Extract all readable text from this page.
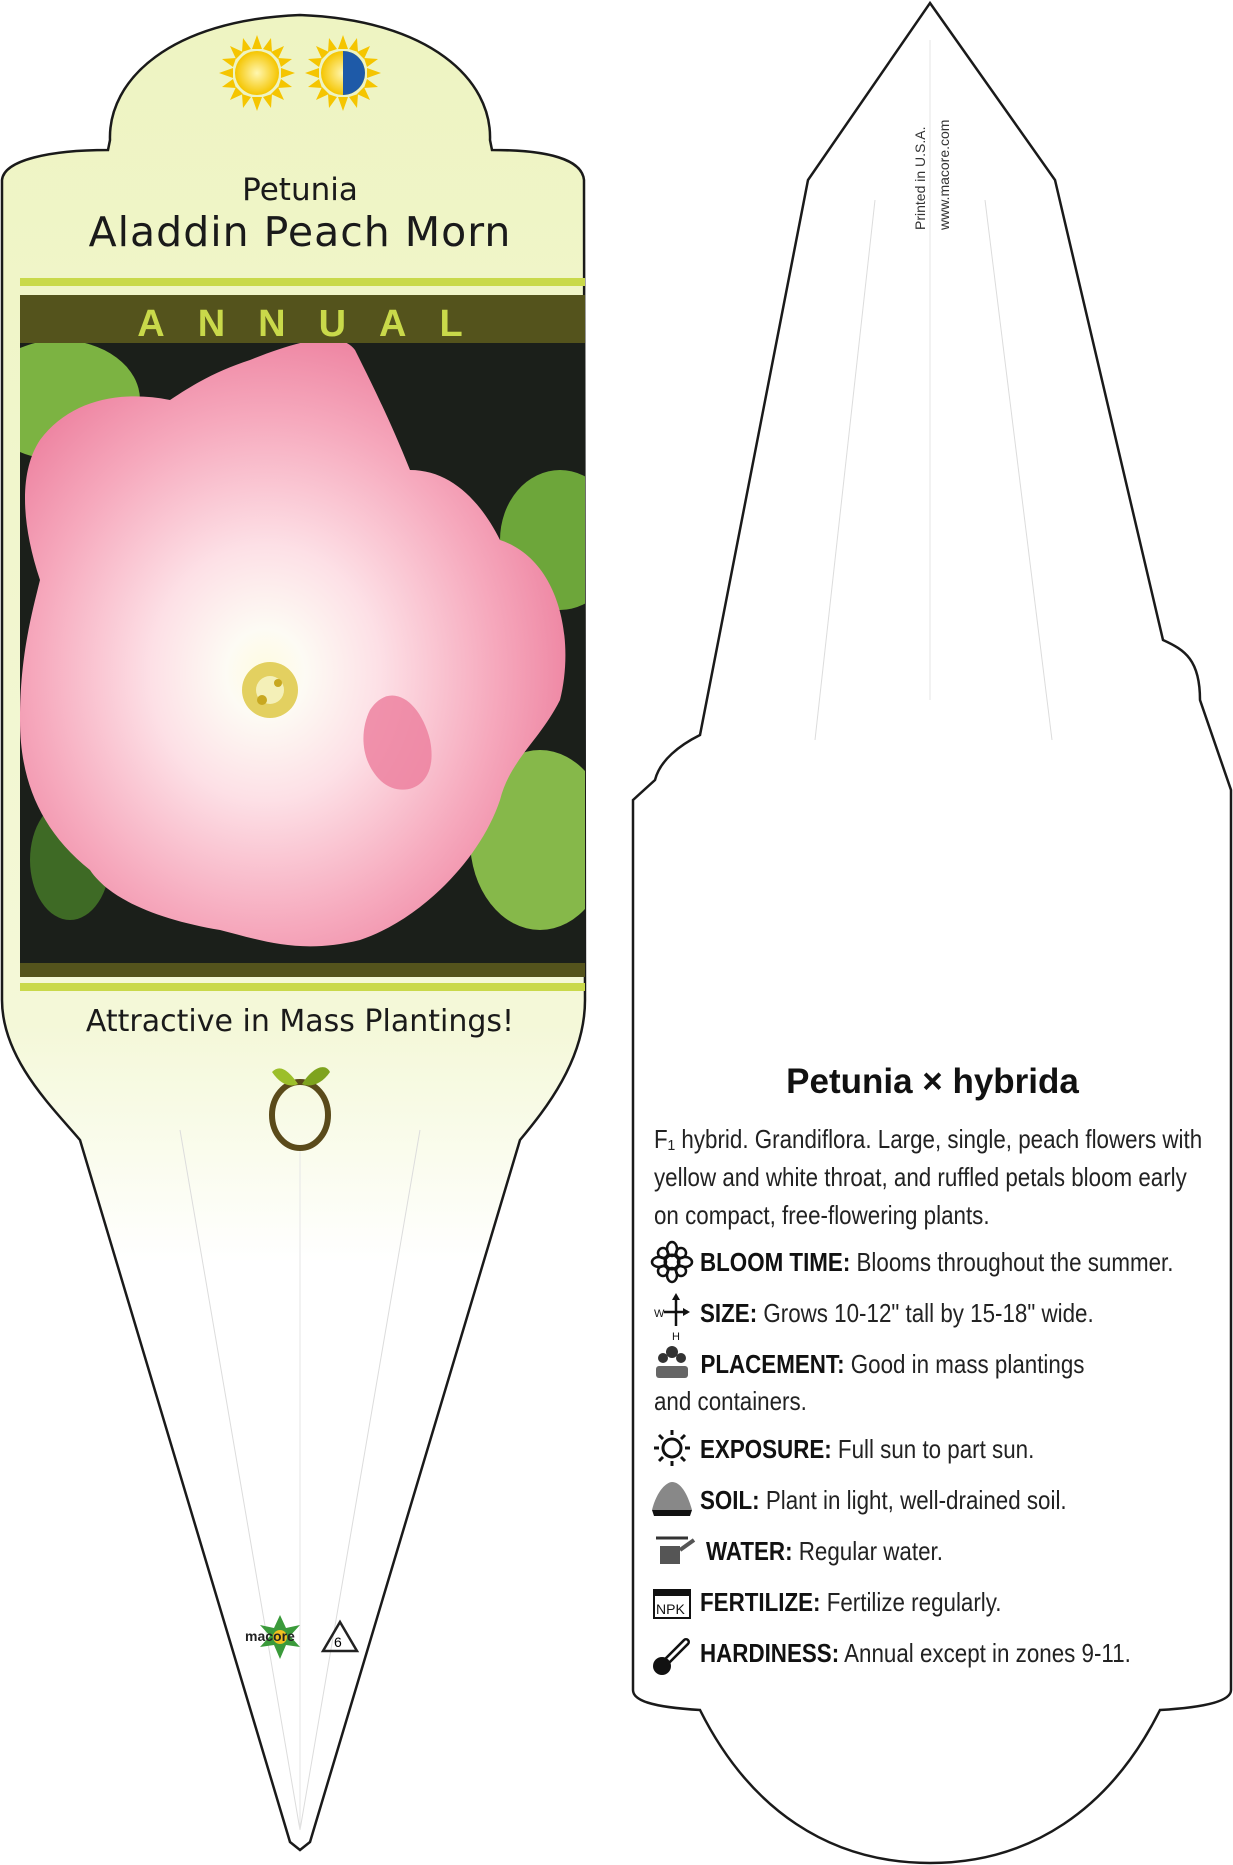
W
H
NPK
Petunia
Aladdin Peach Morn
ANNUAL
Attractive in Mass Plantings!
macore	6
Printed in U.S.A. www.macore.com
Petunia × hybrida
F₁ hybrid. Grandiflora. Large, single, peach flowers with yellow and white throat, and ruffled petals bloom early on compact, free-flowering plants.
BLOOM TIME: Blooms throughout the summer.
SIZE: Grows 10-12" tall by 15-18" wide.
PLACEMENT: Good in mass plantings and containers.
EXPOSURE: Full sun to part sun.
SOIL: Plant in light, well-drained soil.
WATER: Regular water.
FERTILIZE: Fertilize regularly.
HARDINESS: Annual except in zones 9-11.
